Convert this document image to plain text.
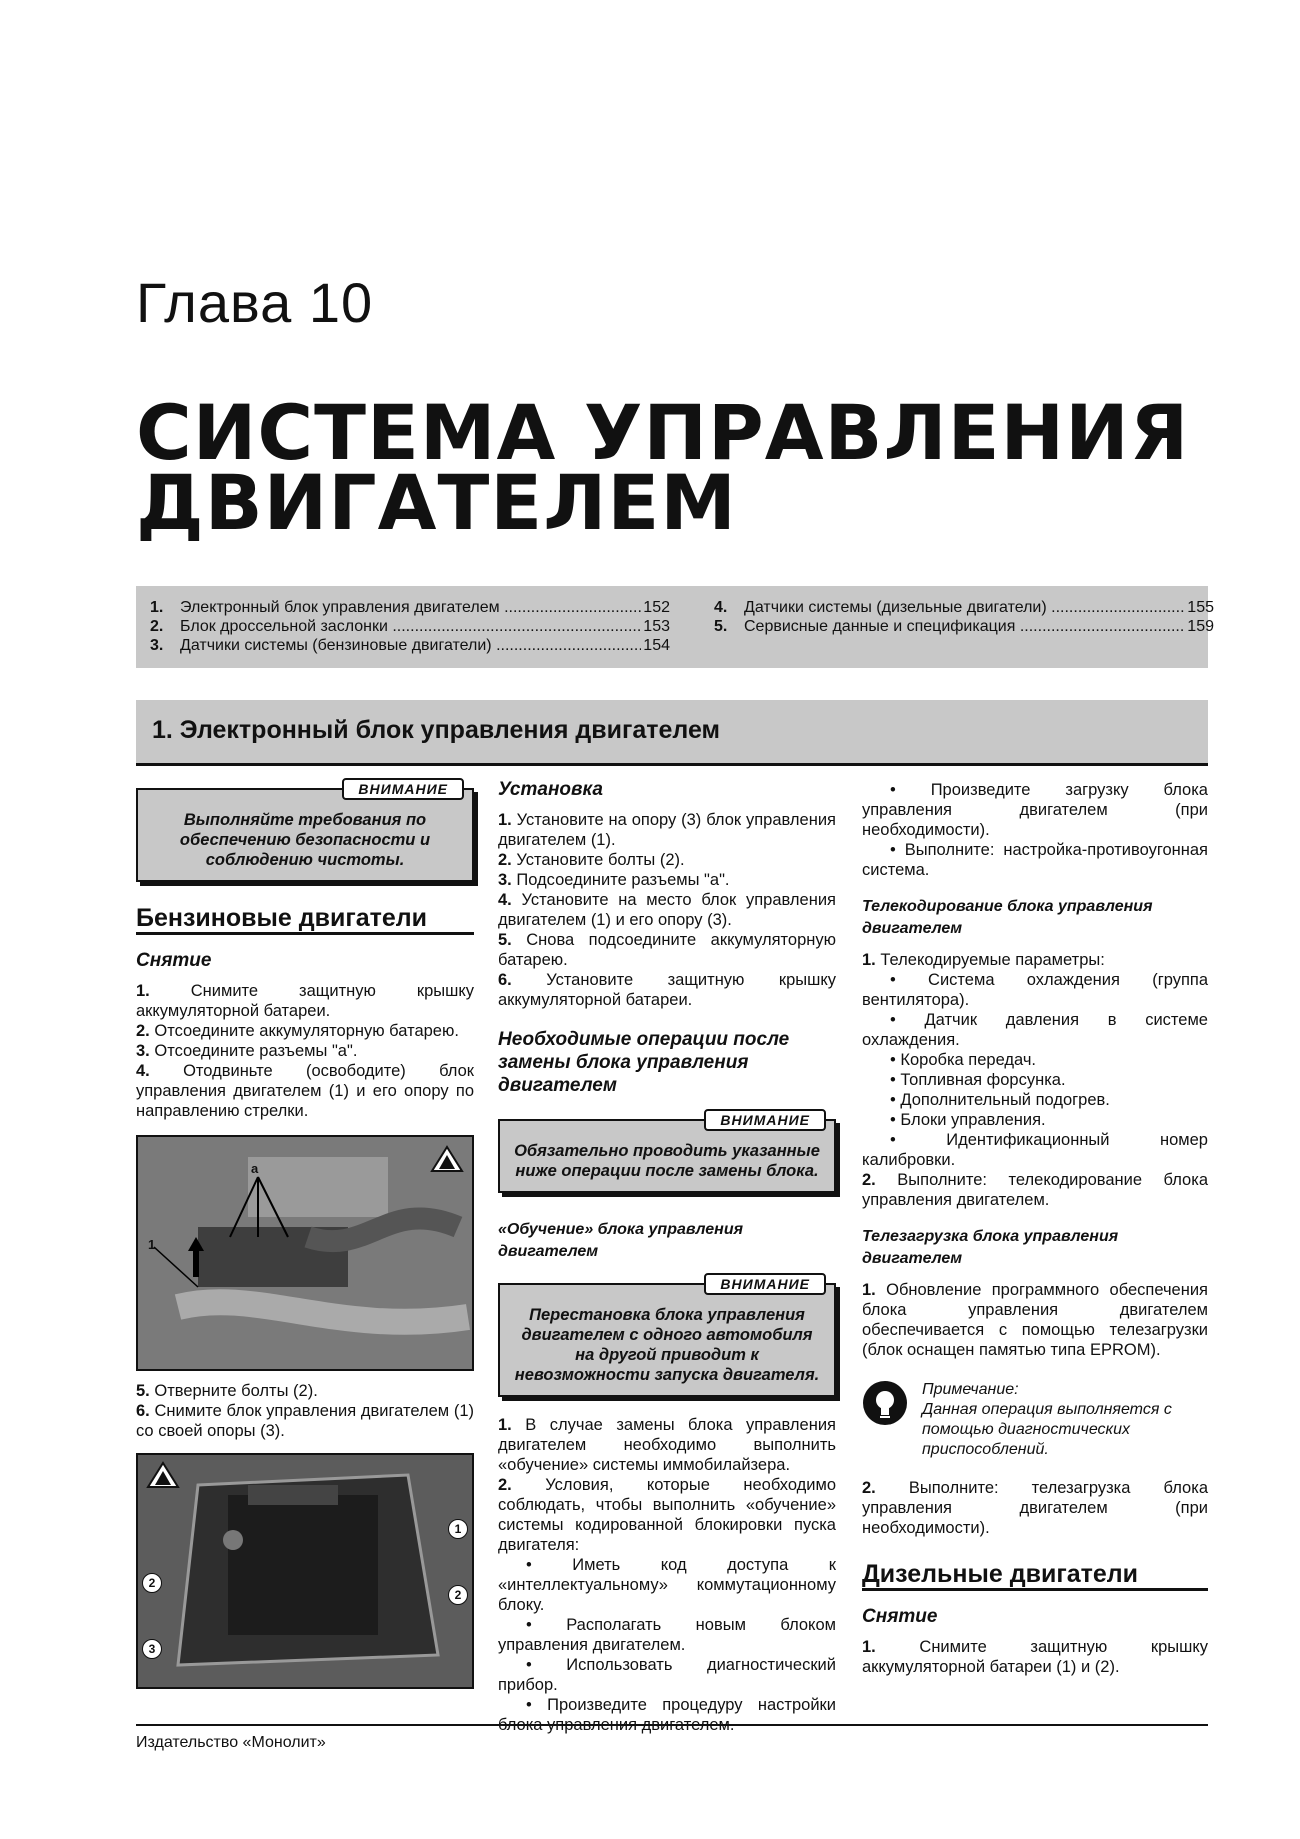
Глава 10
СИСТЕМА УПРАВЛЕНИЯ ДВИГАТЕЛЕМ
1.	Электронный блок управления двигателем .....	152
2.	Блок дроссельной заслонки .....	153
3.	Датчики системы (бензиновые двигатели) .....	154
4.	Датчики системы (дизельные двигатели) .....	155
5.	Сервисные данные и спецификация .....	159
1. Электронный блок управления двигателем
ВНИМАНИЕ
Выполняйте требования по обеспечению безопасности и соблюдению чистоты.
Бензиновые двигатели
Снятие

1. Снимите защитную крышку аккумуляторной батареи.

2. Отсоедините аккумуляторную батарею.

3. Отсоедините разъемы "а".

4. Отодвиньте (освободите) блок управления двигателем (1) и его опору по направлению стрелки.

a
1

5. Отверните болты (2).

6. Снимите блок управления двигателем (1) со своей опоры (3).

1
2
2
3
Установка

1. Установите на опору (3) блок управления двигателем (1).

2. Установите болты (2).

3. Подсоедините разъемы "а".

4. Установите на место блок управления двигателем (1) и его опору (3).

5. Снова подсоедините аккумуляторную батарею.

6. Установите защитную крышку аккумуляторной батареи.

Необходимые операции после замены блока управления двигателем
ВНИМАНИЕ
Обязательно проводить указанные ниже операции после замены блока.
«Обучение» блока управления двигателем
ВНИМАНИЕ
Перестановка блока управления двигателем с одного автомобиля на другой приводит к невозможности запуска двигателя.

1. В случае замены блока управления двигателем необходимо выполнить «обучение» системы иммобилайзера.

2. Условия, которые необходимо соблюдать, чтобы выполнить «обучение» системы кодированной блокировки пуска двигателя:

• Иметь код доступа к «интеллектуальному» коммутационному блоку.

• Располагать новым блоком управления двигателем.

• Использовать диагностический прибор.

• Произведите процедуру настройки блока управления двигателем.

• Произведите загрузку блока управления двигателем (при необходимости).

• Выполните: настройка-противоугонная система.

Телекодирование блока управления двигателем

1. Телекодируемые параметры:

• Система охлаждения (группа вентилятора).

• Датчик давления в системе охлаждения.

• Коробка передач.

• Топливная форсунка.

• Дополнительный подогрев.

• Блоки управления.

• Идентификационный номер калибровки.

2. Выполните: телекодирование блока управления двигателем.

Телезагрузка блока управления двигателем

1. Обновление программного обеспечения блока управления двигателем обеспечивается с помощью телезагрузки (блок оснащен памятью типа EPROM).

Примечание:
Данная операция выполняется с помощью диагностических приспособлений.

2. Выполните: телезагрузка блока управления двигателем (при необходимости).

Дизельные двигатели
Снятие

1.	Снимите защитную крышку аккумуляторной батареи (1) и (2).

Издательство «Монолит»
